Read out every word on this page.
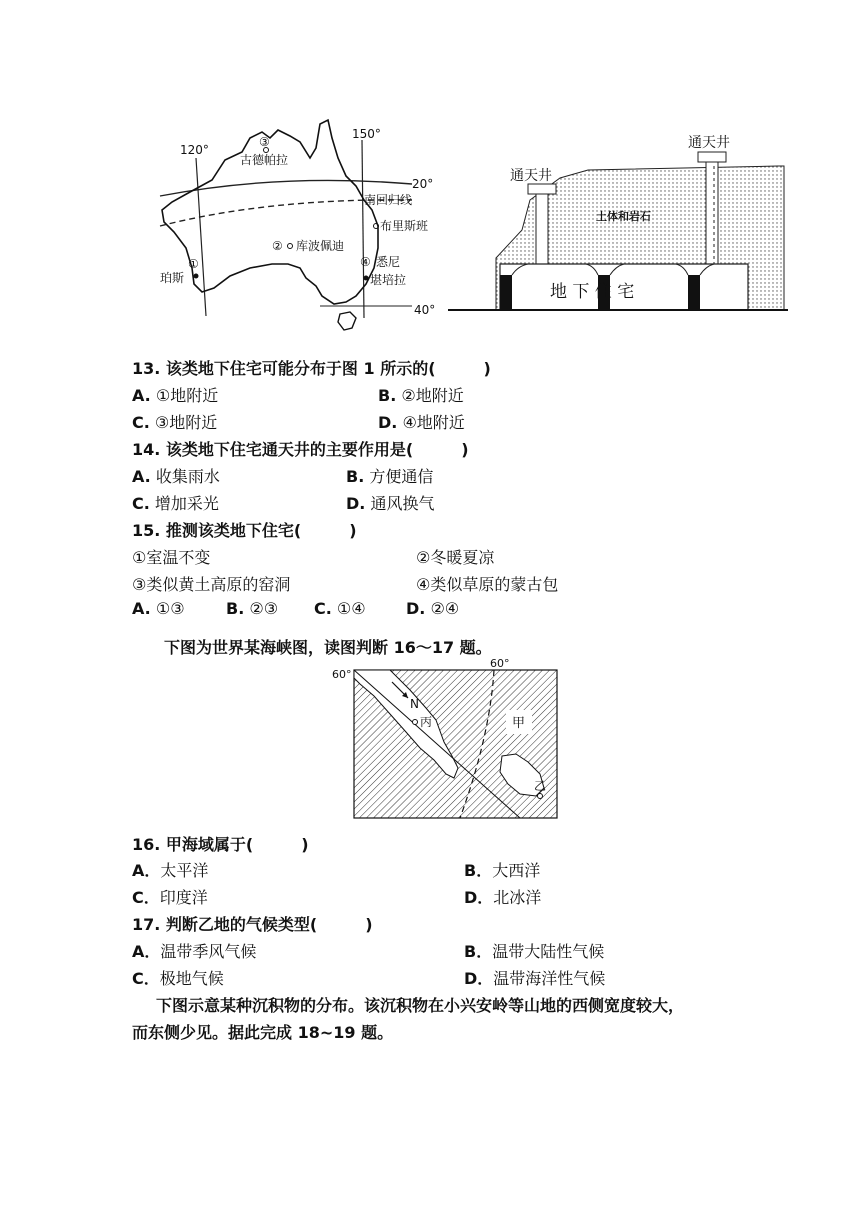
120°
150°
20°
40°
南回归线
①
珀斯
② 库波佩迪
③
古德帕拉
布里斯班
④ 悉尼
堪培拉
通天井
通天井
土体和岩石
地 下 住 宅
13. 该类地下住宅可能分布于图 1 所示的(　　　)
A. ①地附近	B. ②地附近
C. ③地附近	D. ④地附近
14. 该类地下住宅通天井的主要作用是(　　　)
A. 收集雨水	B. 方便通信
C. 增加采光	D. 通风换气
15. 推测该类地下住宅(　　　)
①室温不变	②冬暖夏凉
③类似黄土高原的窑洞	④类似草原的蒙古包
A. ①③	B. ②③ C. ①④	D. ②④
下图为世界某海峡图，读图判断 16～17 题。
60°
60°
N
丙	甲
乙
16. 甲海域属于(　　　)
A．太平洋	B．大西洋
C．印度洋	D．北冰洋
17. 判断乙地的气候类型(　　　)
A．温带季风气候	B．温带大陆性气候
C．极地气候	D．温带海洋性气候
下图示意某种沉积物的分布。该沉积物在小兴安岭等山地的西侧宽度较大，
而东侧少见。据此完成 18~19 题。
